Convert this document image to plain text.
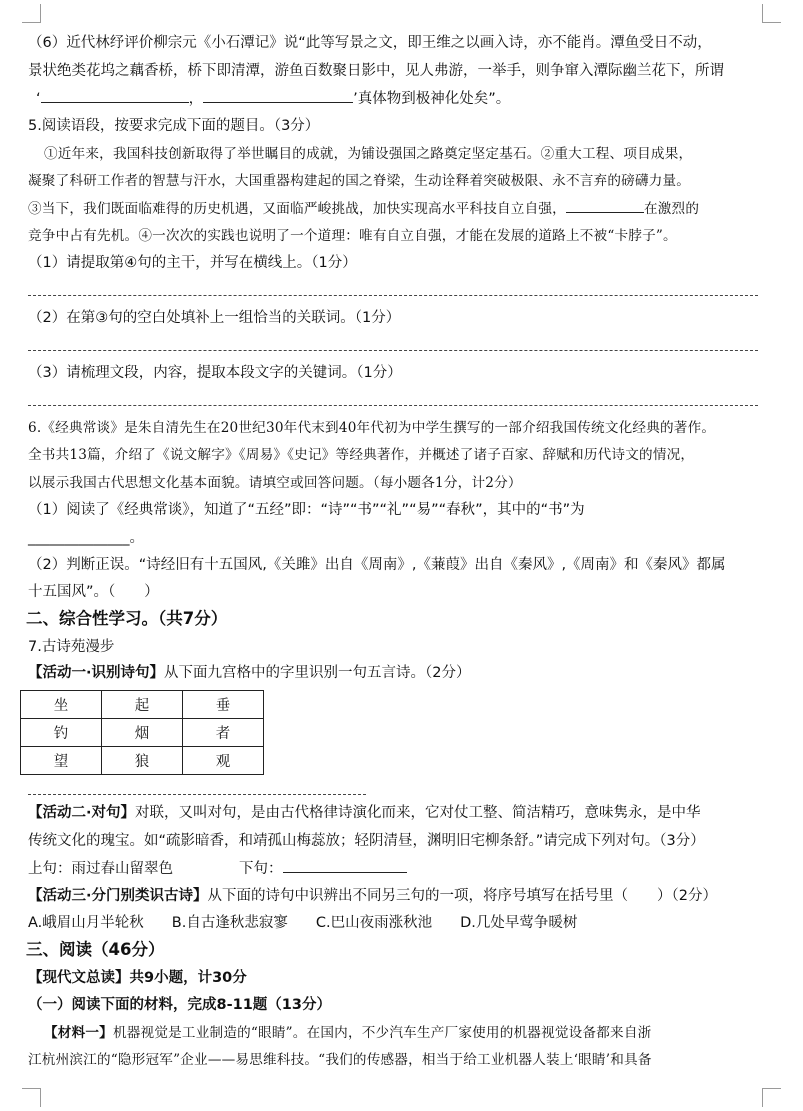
（6）近代林纾评价柳宗元《小石潭记》说“此等写景之文，即王维之以画入诗，亦不能肖。潭鱼受日不动，
景状绝类花坞之藕香桥，桥下即清潭，游鱼百数聚日影中，见人弗游，一举手，则争窜入潭际幽兰花下，所谓
‘	，	’真体物到极神化处矣”。
5.阅读语段，按要求完成下面的题目。（3分）
①近年来，我国科技创新取得了举世瞩目的成就，为铺设强国之路奠定坚定基石。②重大工程、项目成果，
凝聚了科研工作者的智慧与汗水，大国重器构建起的国之脊梁，生动诠释着突破极限、永不言弃的磅礴力量。
③当下，我们既面临难得的历史机遇，又面临严峻挑战，加快实现高水平科技自立自强，	在激烈的
竞争中占有先机。④一次次的实践也说明了一个道理：唯有自立自强，才能在发展的道路上不被“卡脖子”。
（1）请提取第④句的主干，并写在横线上。（1分）
（2）在第③句的空白处填补上一组恰当的关联词。（1分）
（3）请梳理文段，内容，提取本段文字的关键词。（1分）
6.《经典常谈》是朱自清先生在20世纪30年代末到40年代初为中学生撰写的一部介绍我国传统文化经典的著作。
全书共13篇，介绍了《说文解字》《周易》《史记》等经典著作，并概述了诸子百家、辞赋和历代诗文的情况，
以展示我国古代思想文化基本面貌。请填空或回答问题。（每小题各1分，计2分）
（1）阅读了《经典常谈》，知道了“五经”即：“诗”“书”“礼”“易”“春秋”，其中的“书”为
______________。
（2）判断正误。“诗经旧有十五国风,《关雎》出自《周南》,《蒹葭》出自《秦风》,《周南》和《秦风》都属
十五国风”。（　　）
二、综合性学习。（共7分）
7.古诗苑漫步
【活动一·识别诗句】从下面九宫格中的字里识别一句五言诗。（2分）
坐	起	垂
钓	烟	者
望	狼	观
【活动二·对句】对联，又叫对句，是由古代格律诗演化而来，它对仗工整、简洁精巧，意味隽永，是中华
传统文化的瑰宝。如“疏影暗香，和靖孤山梅蕊放；轻阴清昼，渊明旧宅柳条舒。”请完成下列对句。（3分）
上句：雨过春山留翠色	下句：
【活动三·分门别类识古诗】从下面的诗句中识辨出不同另三句的一项，将序号填写在括号里（　　）（2分）
A.峨眉山月半轮秋 B.自古逢秋悲寂寥 C.巴山夜雨涨秋池 D.几处早莺争暖树
三、阅读（46分）
【现代文总读】共9小题，计30分
（一）阅读下面的材料，完成8-11题（13分）
【材料一】机器视觉是工业制造的“眼睛”。在国内，不少汽车生产厂家使用的机器视觉设备都来自浙
江杭州滨江的“隐形冠军”企业——易思维科技。“我们的传感器，相当于给工业机器人装上‘眼睛’和具备
